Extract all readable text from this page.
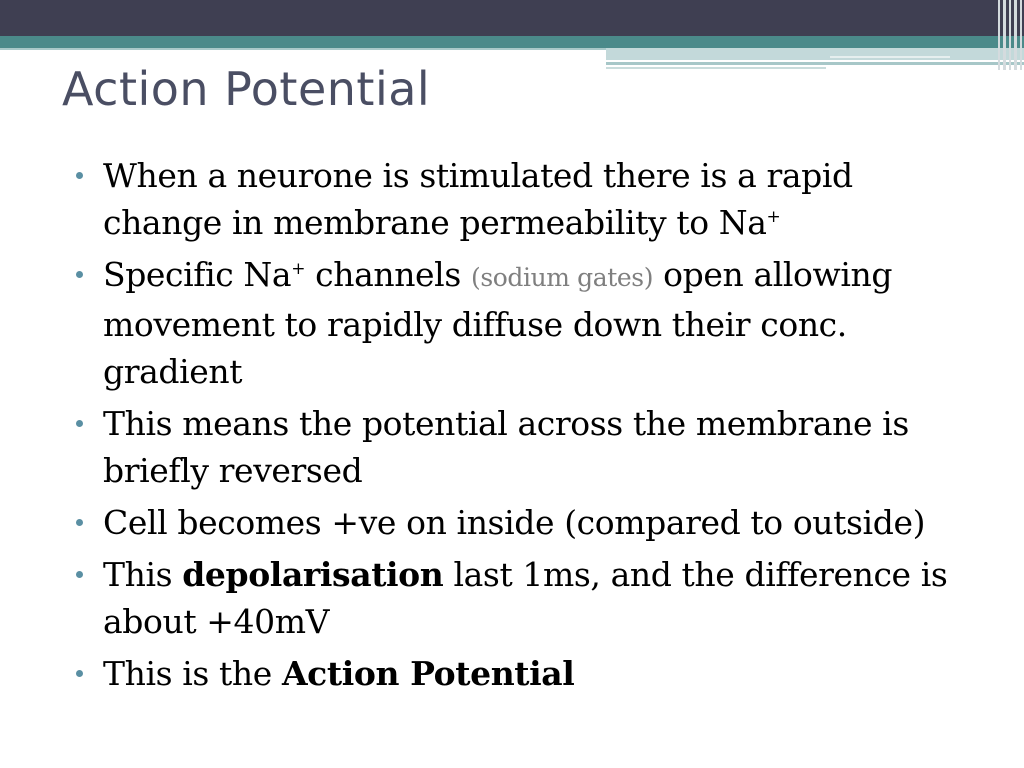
Action Potential
When a neurone is stimulated there is a rapid
change in membrane permeability to Na+
Specific Na+ channels (sodium gates) open allowing movement to rapidly diffuse down their conc. gradient
This means the potential across the membrane is briefly reversed
Cell becomes +ve on inside (compared to outside)
This depolarisation last 1ms, and the difference is about +40mV
This is the Action Potential
